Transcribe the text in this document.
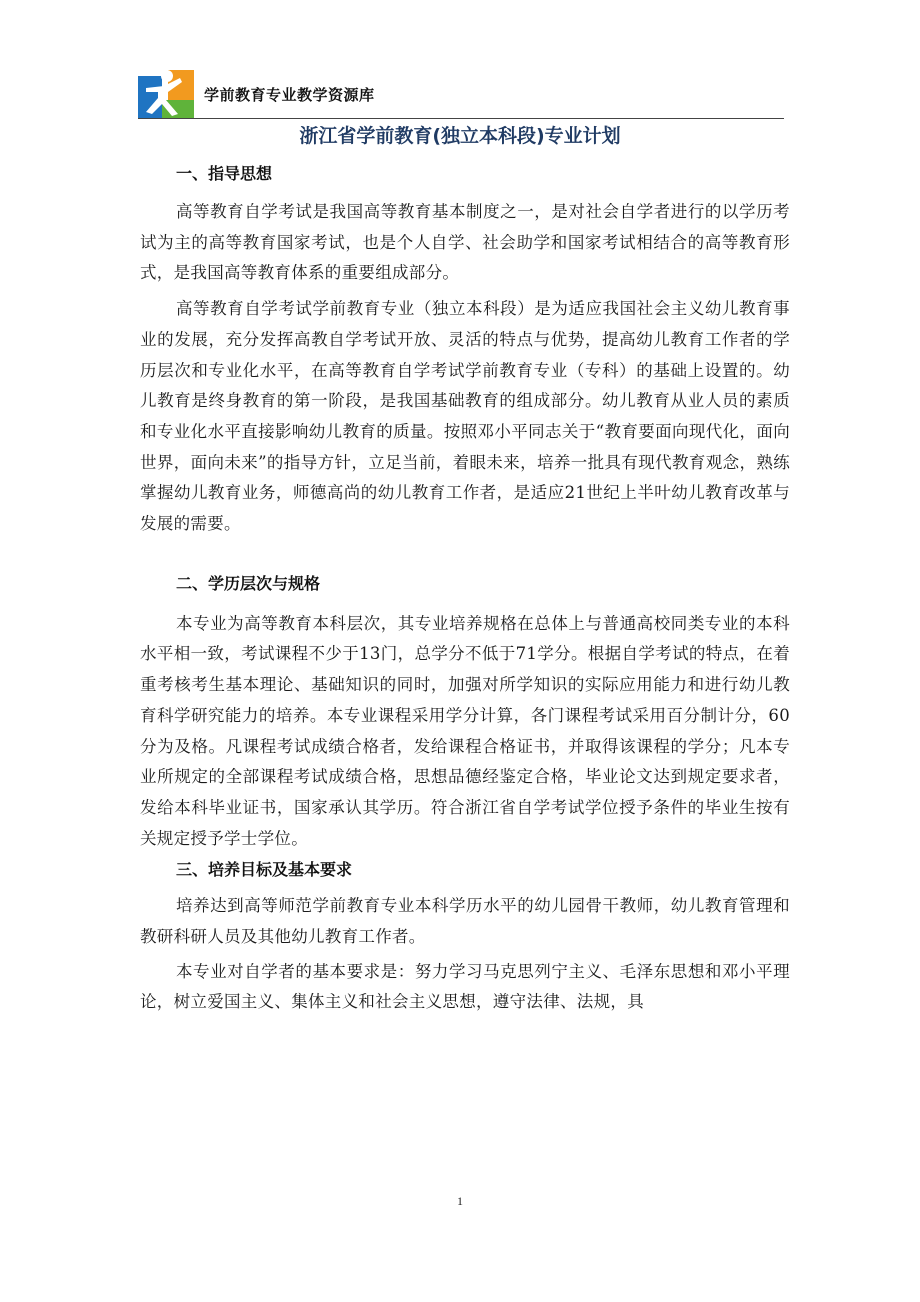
学前教育专业教学资源库
浙江省学前教育(独立本科段)专业计划
一、指导思想

高等教育自学考试是我国高等教育基本制度之一，是对社会自学者进行的以学历考试为主的高等教育国家考试，也是个人自学、社会助学和国家考试相结合的高等教育形式，是我国高等教育体系的重要组成部分。

高等教育自学考试学前教育专业（独立本科段）是为适应我国社会主义幼儿教育事业的发展，充分发挥高教自学考试开放、灵活的特点与优势，提高幼儿教育工作者的学历层次和专业化水平，在高等教育自学考试学前教育专业（专科）的基础上设置的。幼儿教育是终身教育的第一阶段，是我国基础教育的组成部分。幼儿教育从业人员的素质和专业化水平直接影响幼儿教育的质量。按照邓小平同志关于“教育要面向现代化，面向世界，面向未来”的指导方针，立足当前，着眼未来，培养一批具有现代教育观念，熟练掌握幼儿教育业务，师德高尚的幼儿教育工作者，是适应21世纪上半叶幼儿教育改革与发展的需要。

二、学历层次与规格

本专业为高等教育本科层次，其专业培养规格在总体上与普通高校同类专业的本科水平相一致，考试课程不少于13门，总学分不低于71学分。根据自学考试的特点，在着重考核考生基本理论、基础知识的同时，加强对所学知识的实际应用能力和进行幼儿教育科学研究能力的培养。本专业课程采用学分计算，各门课程考试采用百分制计分，60分为及格。凡课程考试成绩合格者，发给课程合格证书，并取得该课程的学分；凡本专业所规定的全部课程考试成绩合格，思想品德经鉴定合格，毕业论文达到规定要求者，发给本科毕业证书，国家承认其学历。符合浙江省自学考试学位授予条件的毕业生按有关规定授予学士学位。

三、培养目标及基本要求

培养达到高等师范学前教育专业本科学历水平的幼儿园骨干教师，幼儿教育管理和教研科研人员及其他幼儿教育工作者。

本专业对自学者的基本要求是：努力学习马克思列宁主义、毛泽东思想和邓小平理论，树立爱国主义、集体主义和社会主义思想，遵守法律、法规，具

1
